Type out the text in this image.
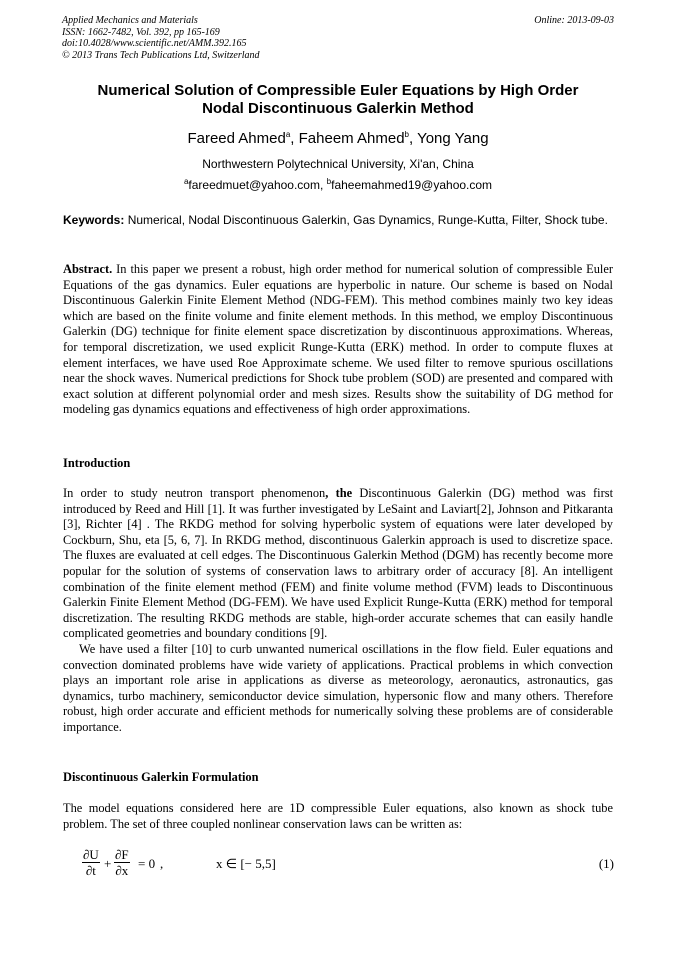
Applied Mechanics and Materials
ISSN: 1662-7482, Vol. 392, pp 165-169
doi:10.4028/www.scientific.net/AMM.392.165
© 2013 Trans Tech Publications Ltd, Switzerland
Online: 2013-09-03
Numerical Solution of Compressible Euler Equations by High Order
Nodal Discontinuous Galerkin Method
Fareed Ahmed$^a$, Faheem Ahmed$^b$, Yong Yang
Northwestern Polytechnical University, Xi'an, China
$^a$fareedmuet@yahoo.com, $^b$faheemahmed19@yahoo.com
Keywords: Numerical, Nodal Discontinuous Galerkin, Gas Dynamics, Runge-Kutta, Filter, Shock tube.
Abstract. In this paper we present a robust, high order method for numerical solution of compressible Euler Equations of the gas dynamics. Euler equations are hyperbolic in nature. Our scheme is based on Nodal Discontinuous Galerkin Finite Element Method (NDG-FEM). This method combines mainly two key ideas which are based on the finite volume and finite element methods. In this method, we employ Discontinuous Galerkin (DG) technique for finite element space discretization by discontinuous approximations. Whereas, for temporal discretization, we used explicit Runge-Kutta (ERK) method. In order to compute fluxes at element interfaces, we have used Roe Approximate scheme. We used filter to remove spurious oscillations near the shock waves. Numerical predictions for Shock tube problem (SOD) are presented and compared with exact solution at different polynomial order and mesh sizes. Results show the suitability of DG method for modeling gas dynamics equations and effectiveness of high order approximations.
Introduction

In order to study neutron transport phenomenon, the Discontinuous Galerkin (DG) method was first introduced by Reed and Hill [1]. It was further investigated by LeSaint and Laviart[2], Johnson and Pitkaranta [3], Richter [4] . The RKDG method for solving hyperbolic system of equations were later developed by Cockburn, Shu, eta [5, 6, 7]. In RKDG method, discontinuous Galerkin approach is used to discretize space. The fluxes are evaluated at cell edges. The Discontinuous Galerkin Method (DGM) has recently become more popular for the solution of systems of conservation laws to arbitrary order of accuracy [8]. An intelligent combination of the finite element method (FEM) and finite volume method (FVM) leads to Discontinuous Galerkin Finite Element Method (DG-FEM). We have used Explicit Runge-Kutta (ERK) method for temporal discretization. The resulting RKDG methods are stable, high-order accurate schemes that can easily handle complicated geometries and boundary conditions [9].

We have used a filter [10] to curb unwanted numerical oscillations in the flow field. Euler equations and convection dominated problems have wide variety of applications. Practical problems in which convection plays an important role arise in applications as diverse as meteorology, aeronautics, astronautics, gas dynamics, turbo machinery, semiconductor device simulation, hypersonic flow and many others. Therefore robust, high order accurate and efficient methods for numerically solving these problems are of considerable importance.

Discontinuous Galerkin Formulation
The model equations considered here are 1D compressible Euler equations, also known as shock tube problem. The set of three coupled nonlinear conservation laws can be written as:
$\frac{\partial U}{\partial t} + \frac{\partial F}{\partial x} = 0$ ,	x ∈ [− 5,5]	(1)
